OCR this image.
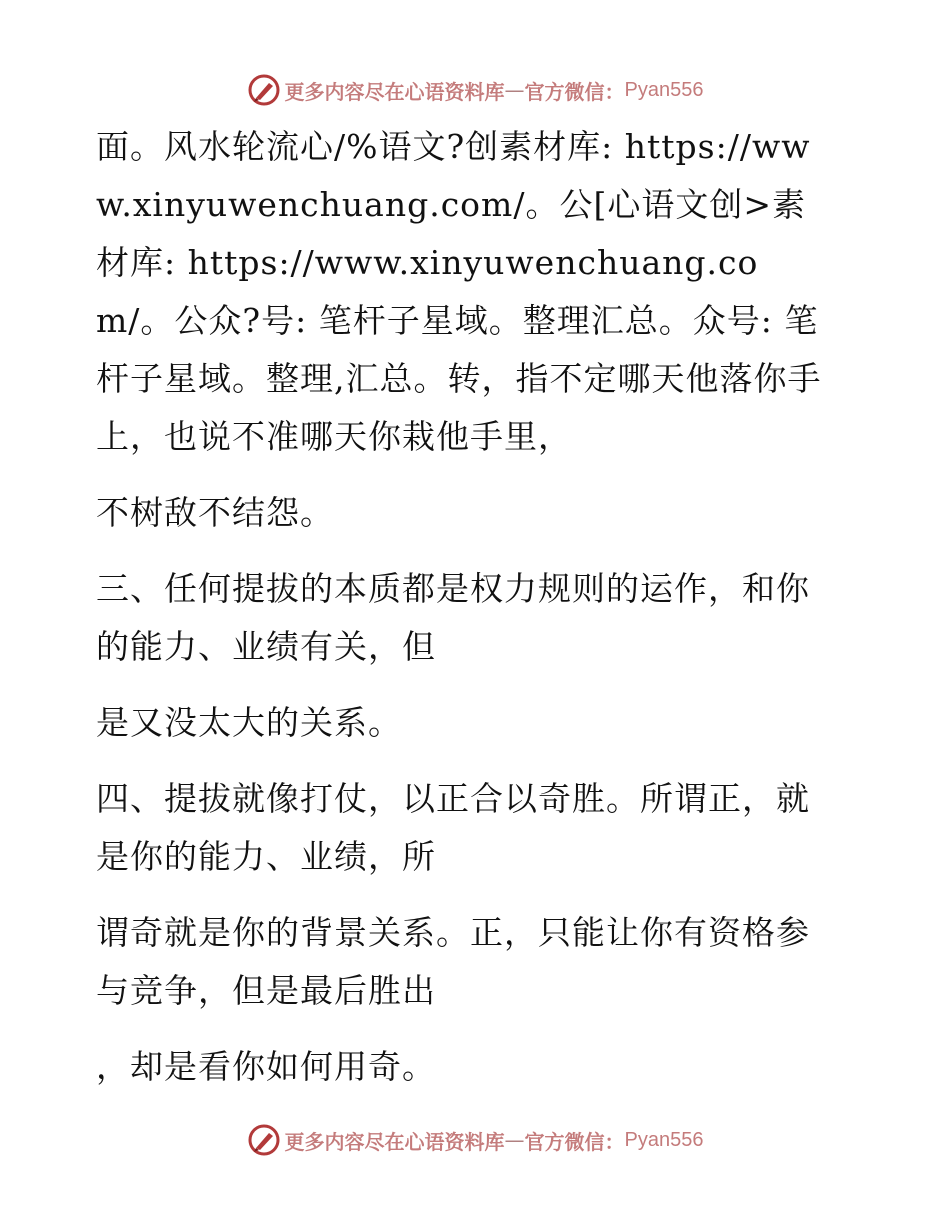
更多内容尽在心语资料库 — 官方微信： Pyan556

面。风水轮流心/%语文?创素材库: https://www.xinyuwenchuang.com/。公[心语文创>素材库: https://www.xinyuwenchuang.com/。公众?号: 笔杆子星域。整理汇总。众号: 笔杆子星域。整理,汇总。转，指不定哪天他落你手上，也说不准哪天你栽他手里，

不树敌不结怨。

三、任何提拔的本质都是权力规则的运作，和你的能力、业绩有关，但

是又没太大的关系。

四、提拔就像打仗，以正合以奇胜。所谓正，就是你的能力、业绩，所

谓奇就是你的背景关系。正，只能让你有资格参与竞争，但是最后胜出

，却是看你如何用奇。

更多内容尽在心语资料库 — 官方微信： Pyan556
